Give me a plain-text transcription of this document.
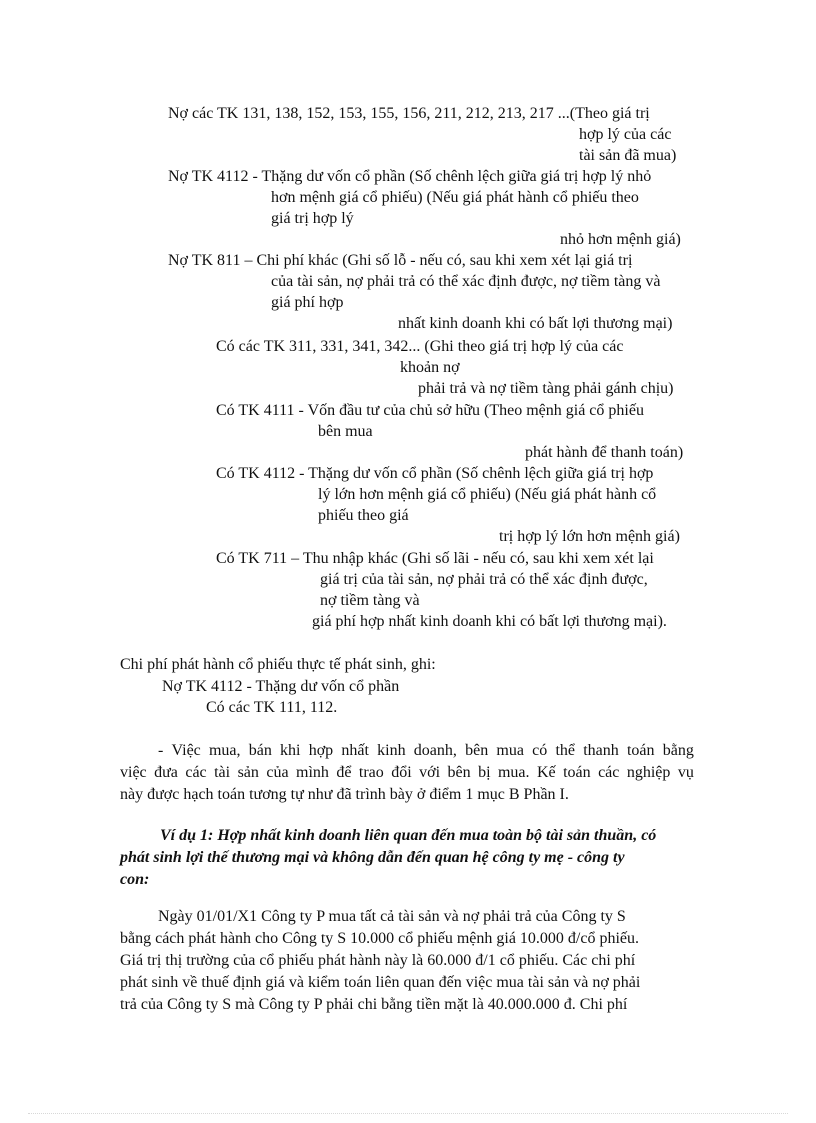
Nợ các TK 131, 138, 152, 153, 155, 156, 211, 212, 213, 217 ...(Theo giá trị
hợp lý của các
tài sản đã mua)
Nợ TK 4112 - Thặng dư vốn cổ phần (Số chênh lệch giữa giá trị hợp lý nhỏ
hơn mệnh giá cổ phiếu) (Nếu giá phát hành cổ phiếu theo
giá trị hợp lý
nhỏ hơn mệnh giá)
Nợ TK 811 – Chi phí khác (Ghi số lỗ - nếu có, sau khi xem xét lại giá trị
của tài sản, nợ phải trả có thể xác định được, nợ tiềm tàng và
giá phí hợp
nhất kinh doanh khi có bất lợi thương mại)
Có các TK 311, 331, 341, 342... (Ghi theo giá trị hợp lý của các
khoản nợ
phải trả và nợ tiềm tàng phải gánh chịu)
Có TK 4111 - Vốn đầu tư của chủ sở hữu (Theo mệnh giá cổ phiếu
bên mua
phát hành để thanh toán)
Có TK 4112 - Thặng dư vốn cổ phần (Số chênh lệch giữa giá trị hợp
lý lớn hơn mệnh giá cổ phiếu) (Nếu giá phát hành cổ
phiếu theo giá
trị hợp lý lớn hơn mệnh giá)
Có TK 711 – Thu nhập khác (Ghi số lãi - nếu có, sau khi xem xét lại
giá trị của tài sản, nợ phải trả có thể xác định được,
nợ tiềm tàng và
giá phí hợp nhất kinh doanh khi có bất lợi thương mại).
Chi phí phát hành cổ phiếu thực tế phát sinh, ghi:
Nợ TK 4112 - Thặng dư vốn cổ phần
Có các TK 111, 112.
- Việc mua, bán khi hợp nhất kinh doanh, bên mua có thể thanh toán bằng
việc đưa các tài sản của mình để trao đổi với bên bị mua. Kế toán các nghiệp vụ
này được hạch toán tương tự như đã trình bày ở điểm 1 mục B Phần I.
Ví dụ 1: Hợp nhất kinh doanh liên quan đến mua toàn bộ tài sản thuần, có
phát sinh lợi thế thương mại và không dẫn đến quan hệ công ty mẹ - công ty
con:
Ngày 01/01/X1 Công ty P mua tất cả tài sản và nợ phải trả của Công ty S
bằng cách phát hành cho Công ty S 10.000 cổ phiếu mệnh giá 10.000 đ/cổ phiếu.
Giá trị thị trường của cổ phiếu phát hành này là 60.000 đ/1 cổ phiếu. Các chi phí
phát sinh về thuế định giá và kiểm toán liên quan đến việc mua tài sản và nợ phải
trả của Công ty S mà Công ty P phải chi bằng tiền mặt là 40.000.000 đ. Chi phí
